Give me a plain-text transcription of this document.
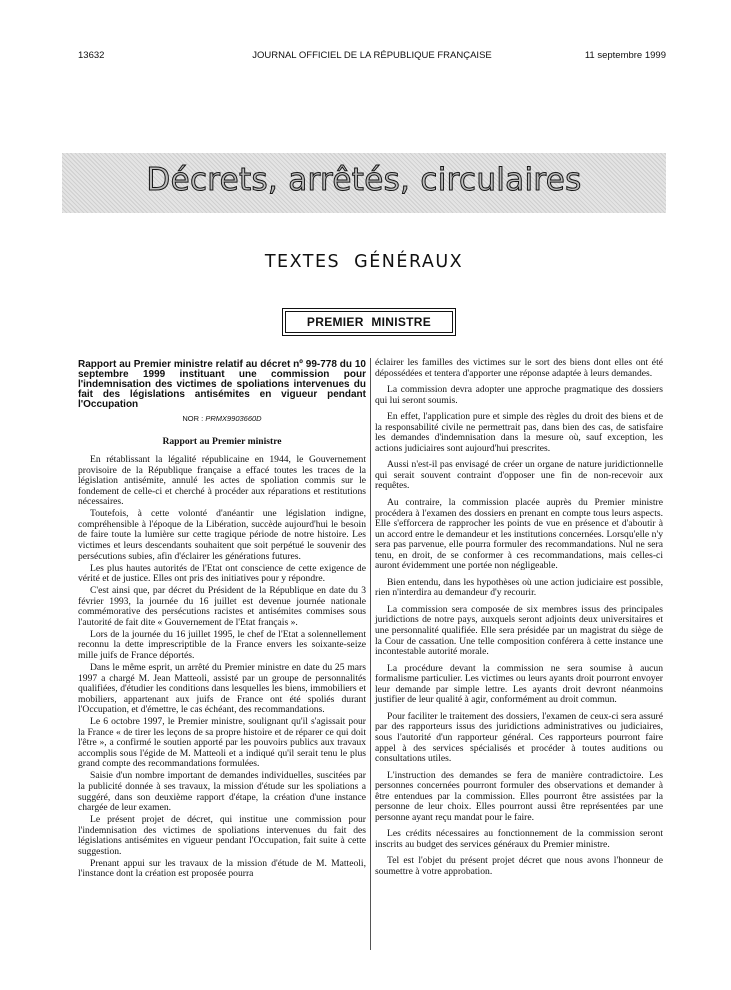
13632	JOURNAL OFFICIEL DE LA RÉPUBLIQUE FRANÇAISE	11 septembre 1999
Décrets, arrêtés, circulaires
TEXTES GÉNÉRAUX
PREMIER MINISTRE
Rapport au Premier ministre relatif au décret nº 99-778 du 10 septembre 1999 instituant une commission pour l'indemnisation des victimes de spoliations intervenues du fait des législations antisémites en vigueur pendant l'Occupation
NOR : PRMX9903660D
Rapport au Premier ministre

En rétablissant la légalité républicaine en 1944, le Gouvernement provisoire de la République française a effacé toutes les traces de la législation antisémite, annulé les actes de spoliation commis sur le fondement de celle-ci et cherché à procéder aux réparations et restitutions nécessaires.

Toutefois, à cette volonté d'anéantir une législation indigne, compréhensible à l'époque de la Libération, succède aujourd'hui le besoin de faire toute la lumière sur cette tragique période de notre histoire. Les victimes et leurs descendants souhaitent que soit perpétué le souvenir des persécutions subies, afin d'éclairer les générations futures.

Les plus hautes autorités de l'Etat ont conscience de cette exigence de vérité et de justice. Elles ont pris des initiatives pour y répondre.

C'est ainsi que, par décret du Président de la République en date du 3 février 1993, la journée du 16 juillet est devenue journée nationale commémorative des persécutions racistes et antisémites commises sous l'autorité de fait dite « Gouvernement de l'Etat français ».

Lors de la journée du 16 juillet 1995, le chef de l'Etat a solennellement reconnu la dette imprescriptible de la France envers les soixante-seize mille juifs de France déportés.

Dans le même esprit, un arrêté du Premier ministre en date du 25 mars 1997 a chargé M. Jean Matteoli, assisté par un groupe de personnalités qualifiées, d'étudier les conditions dans lesquelles les biens, immobiliers et mobiliers, appartenant aux juifs de France ont été spoliés durant l'Occupation, et d'émettre, le cas échéant, des recommandations.

Le 6 octobre 1997, le Premier ministre, soulignant qu'il s'agissait pour la France « de tirer les leçons de sa propre histoire et de réparer ce qui doit l'être », a confirmé le soutien apporté par les pouvoirs publics aux travaux accomplis sous l'égide de M. Matteoli et a indiqué qu'il serait tenu le plus grand compte des recommandations formulées.

Saisie d'un nombre important de demandes individuelles, suscitées par la publicité donnée à ses travaux, la mission d'étude sur les spoliations a suggéré, dans son deuxième rapport d'étape, la création d'une instance chargée de leur examen.

Le présent projet de décret, qui institue une commission pour l'indemnisation des victimes de spoliations intervenues du fait des législations antisémites en vigueur pendant l'Occupation, fait suite à cette suggestion.

Prenant appui sur les travaux de la mission d'étude de M. Matteoli, l'instance dont la création est proposée pourra

éclairer les familles des victimes sur le sort des biens dont elles ont été dépossédées et tentera d'apporter une réponse adaptée à leurs demandes.

La commission devra adopter une approche pragmatique des dossiers qui lui seront soumis.

En effet, l'application pure et simple des règles du droit des biens et de la responsabilité civile ne permettrait pas, dans bien des cas, de satisfaire les demandes d'indemnisation dans la mesure où, sauf exception, les actions judiciaires sont aujourd'hui prescrites.

Aussi n'est-il pas envisagé de créer un organe de nature juridictionnelle qui serait souvent contraint d'opposer une fin de non-recevoir aux requêtes.

Au contraire, la commission placée auprès du Premier ministre procédera à l'examen des dossiers en prenant en compte tous leurs aspects. Elle s'efforcera de rapprocher les points de vue en présence et d'aboutir à un accord entre le demandeur et les institutions concernées. Lorsqu'elle n'y sera pas parvenue, elle pourra formuler des recommandations. Nul ne sera tenu, en droit, de se conformer à ces recommandations, mais celles-ci auront évidemment une portée non négligeable.

Bien entendu, dans les hypothèses où une action judiciaire est possible, rien n'interdira au demandeur d'y recourir.

La commission sera composée de six membres issus des principales juridictions de notre pays, auxquels seront adjoints deux universitaires et une personnalité qualifiée. Elle sera présidée par un magistrat du siège de la Cour de cassation. Une telle composition conférera à cette instance une incontestable autorité morale.

La procédure devant la commission ne sera soumise à aucun formalisme particulier. Les victimes ou leurs ayants droit pourront envoyer leur demande par simple lettre. Les ayants droit devront néanmoins justifier de leur qualité à agir, conformément au droit commun.

Pour faciliter le traitement des dossiers, l'examen de ceux-ci sera assuré par des rapporteurs issus des juridictions administratives ou judiciaires, sous l'autorité d'un rapporteur général. Ces rapporteurs pourront faire appel à des services spécialisés et procéder à toutes auditions ou consultations utiles.

L'instruction des demandes se fera de manière contradictoire. Les personnes concernées pourront formuler des observations et demander à être entendues par la commission. Elles pourront être assistées par la personne de leur choix. Elles pourront aussi être représentées par une personne ayant reçu mandat pour le faire.

Les crédits nécessaires au fonctionnement de la commission seront inscrits au budget des services généraux du Premier ministre.

Tel est l'objet du présent projet décret que nous avons l'honneur de soumettre à votre approbation.
